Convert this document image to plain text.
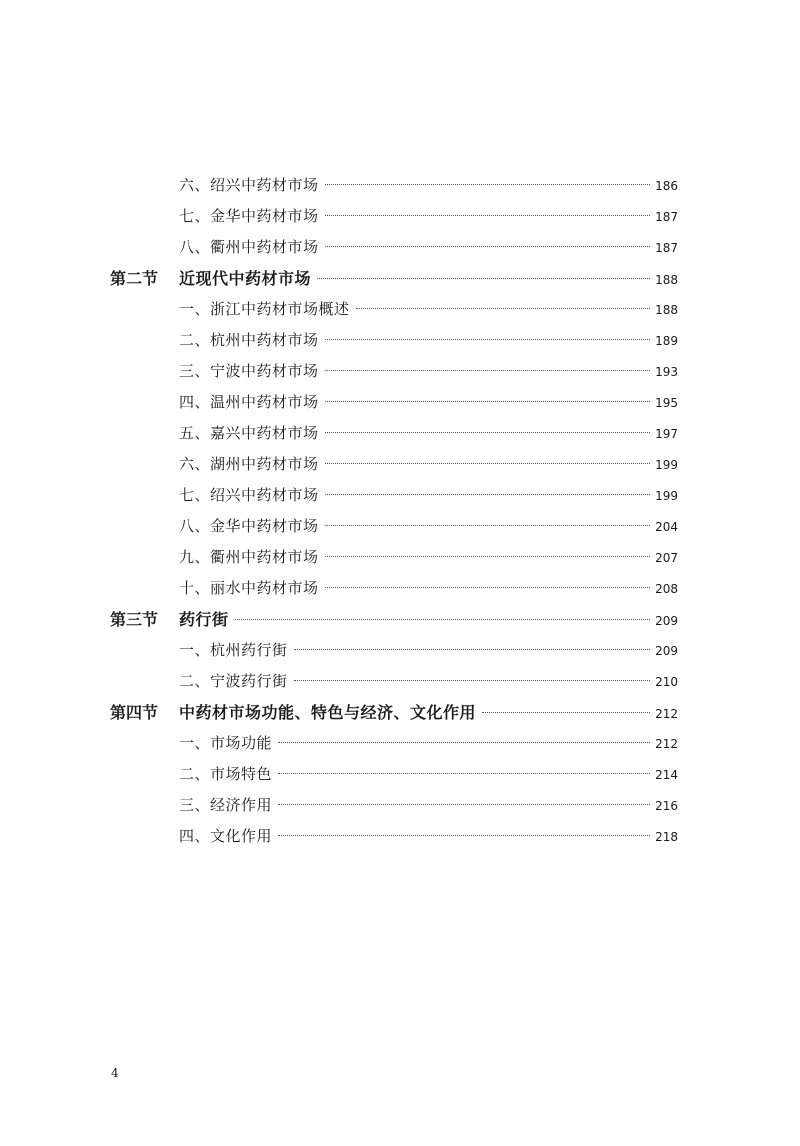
六、绍兴中药材市场	186
七、金华中药材市场	187
八、衢州中药材市场	187
第二节	近现代中药材市场	188
一、浙江中药材市场概述	188
二、杭州中药材市场	189
三、宁波中药材市场	193
四、温州中药材市场	195
五、嘉兴中药材市场	197
六、湖州中药材市场	199
七、绍兴中药材市场	199
八、金华中药材市场	204
九、衢州中药材市场	207
十、丽水中药材市场	208
第三节	药行街	209
一、杭州药行街	209
二、宁波药行街	210
第四节	中药材市场功能、特色与经济、文化作用	212
一、市场功能	212
二、市场特色	214
三、经济作用	216
四、文化作用	218
4
